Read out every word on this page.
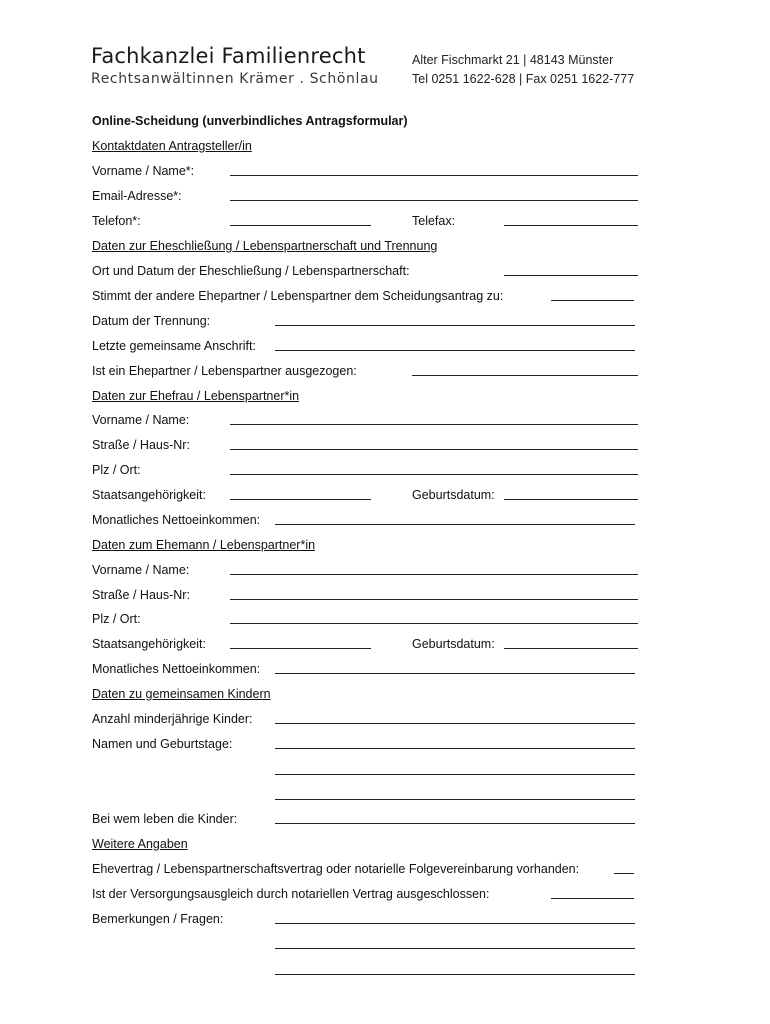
Fachkanzlei Familienrecht
Rechtsanwältinnen Krämer . Schönlau
Alter Fischmarkt 21 | 48143 Münster
Tel 0251 1622-628 | Fax 0251 1622-777
Online-Scheidung (unverbindliches Antragsformular)
Kontaktdaten Antragsteller/in
Vorname / Name*:
Email-Adresse*:
Telefon*:	Telefax:
Daten zur Eheschließung / Lebenspartnerschaft und Trennung
Ort und Datum der Eheschließung / Lebenspartnerschaft:
Stimmt der andere Ehepartner / Lebenspartner dem Scheidungsantrag zu:
Datum der Trennung:
Letzte gemeinsame Anschrift:
Ist ein Ehepartner / Lebenspartner ausgezogen:
Daten zur Ehefrau / Lebenspartner*in
Vorname / Name:
Straße / Haus-Nr:
Plz / Ort:
Staatsangehörigkeit:	Geburtsdatum:
Monatliches Nettoeinkommen:
Daten zum Ehemann / Lebenspartner*in
Vorname / Name:
Straße / Haus-Nr:
Plz / Ort:
Staatsangehörigkeit:	Geburtsdatum:
Monatliches Nettoeinkommen:
Daten zu gemeinsamen Kindern
Anzahl minderjährige Kinder:
Namen und Geburtstage:
Bei wem leben die Kinder:
Weitere Angaben
Ehevertrag / Lebenspartnerschaftsvertrag oder notarielle Folgevereinbarung vorhanden:
Ist der Versorgungsausgleich durch notariellen Vertrag ausgeschlossen:
Bemerkungen / Fragen:
